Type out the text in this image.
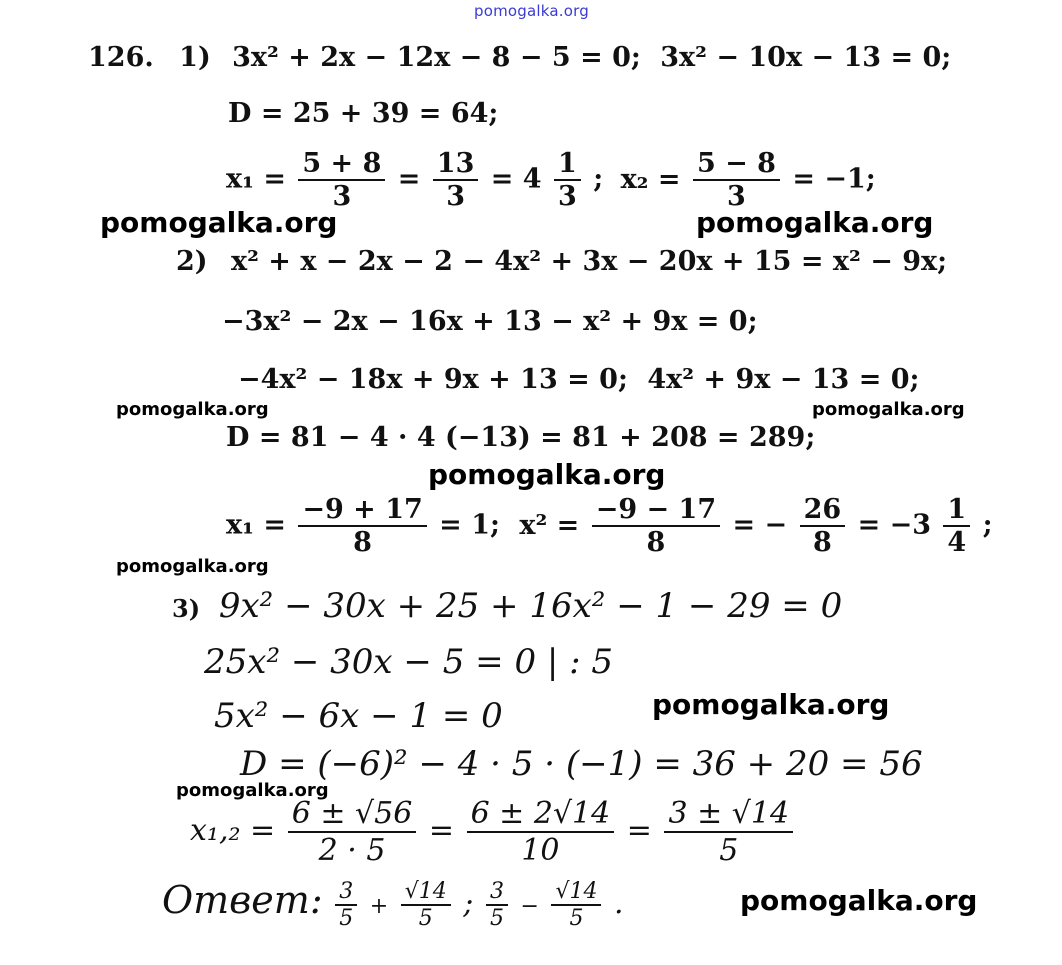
pomogalka.org
126. 1) 3x² + 2x − 12x − 8 − 5 = 0; 3x² − 10x − 13 = 0;
D = 25 + 39 = 64;
$x_1 = \frac{5 + 8}{3} = \frac{13}{3} = 4 \frac{1}{3}$ ; $x_2 = \frac{5 - 8}{3} = -1$;
2) x² + x − 2x − 2 − 4x² + 3x − 20x + 15 = x² − 9x;
−3x² − 2x − 16x + 13 − x² + 9x = 0;
−4x² − 18x + 9x + 13 = 0; 4x² + 9x − 13 = 0;
D = 81 − 4 · 4 (−13) = 81 + 208 = 289;
$x_1 = \frac{-9 + 17}{8} = 1$; $x^2 = \frac{-9 - 17}{8}$ = − $\frac{26}{8} = -3 \frac{1}{4}$ ;
3) 9x² − 30x + 25 + 16x² − 1 − 29 = 0
25x² − 30x − 5 = 0 | : 5
5x² − 6x − 1 = 0
D = (−6)² − 4 · 5 · (−1) = 36 + 20 = 56
$x_1,_2 = \frac{6 \pm √56}{2 \cdot 5} = \frac{6 \pm 2√14}{10} = \frac{3 \pm √14}{5}$
Ответ: $\frac{3}{5} + \frac{√14}{5}$ ; $\frac{3}{5} - \frac{√14}{5}$ .
pomogalka.org	pomogalka.org
pomogalka.org	pomogalka.org
pomogalka.org
pomogalka.org
pomogalka.org
pomogalka.org
pomogalka.org
